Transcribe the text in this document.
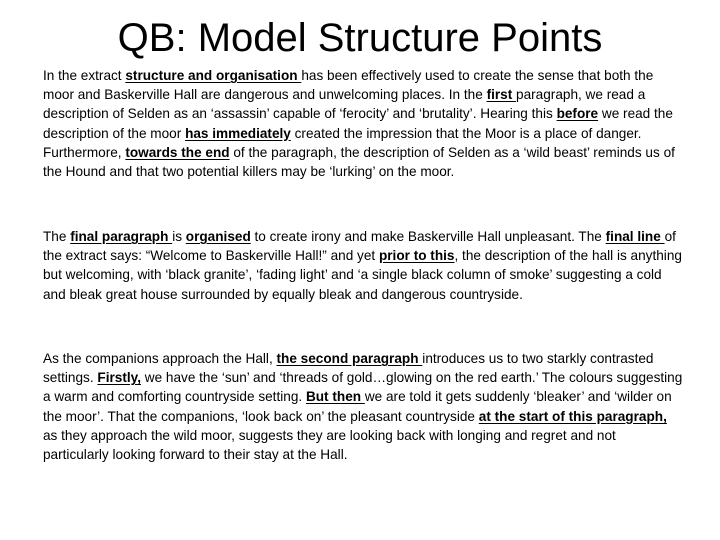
QB: Model Structure Points

In the extract structure and organisation has been effectively used to create the sense that both the moor and Baskerville Hall are dangerous and unwelcoming places. In the first paragraph, we read a description of Selden as an ‘assassin’ capable of ‘ferocity’ and ‘brutality’. Hearing this before we read the description of the moor has immediately created the impression that the Moor is a place of danger. Furthermore, towards the end of the paragraph, the description of Selden as a ‘wild beast’ reminds us of the Hound and that two potential killers may be ‘lurking’ on the moor.

The final paragraph is organised to create irony and make Baskerville Hall unpleasant. The final line of the extract says: “Welcome to Baskerville Hall!” and yet prior to this, the description of the hall is anything but welcoming, with ‘black granite’, ‘fading light’ and ‘a single black column of smoke’ suggesting a cold and bleak great house surrounded by equally bleak and dangerous countryside.

As the companions approach the Hall, the second paragraph introduces us to two starkly contrasted settings. Firstly, we have the ‘sun’ and ‘threads of gold…glowing on the red earth.’ The colours suggesting a warm and comforting countryside setting. But then we are told it gets suddenly ‘bleaker’ and ‘wilder on the moor’. That the companions, ‘look back on’ the pleasant countryside at the start of this paragraph, as they approach the wild moor, suggests they are looking back with longing and regret and not particularly looking forward to their stay at the Hall.
